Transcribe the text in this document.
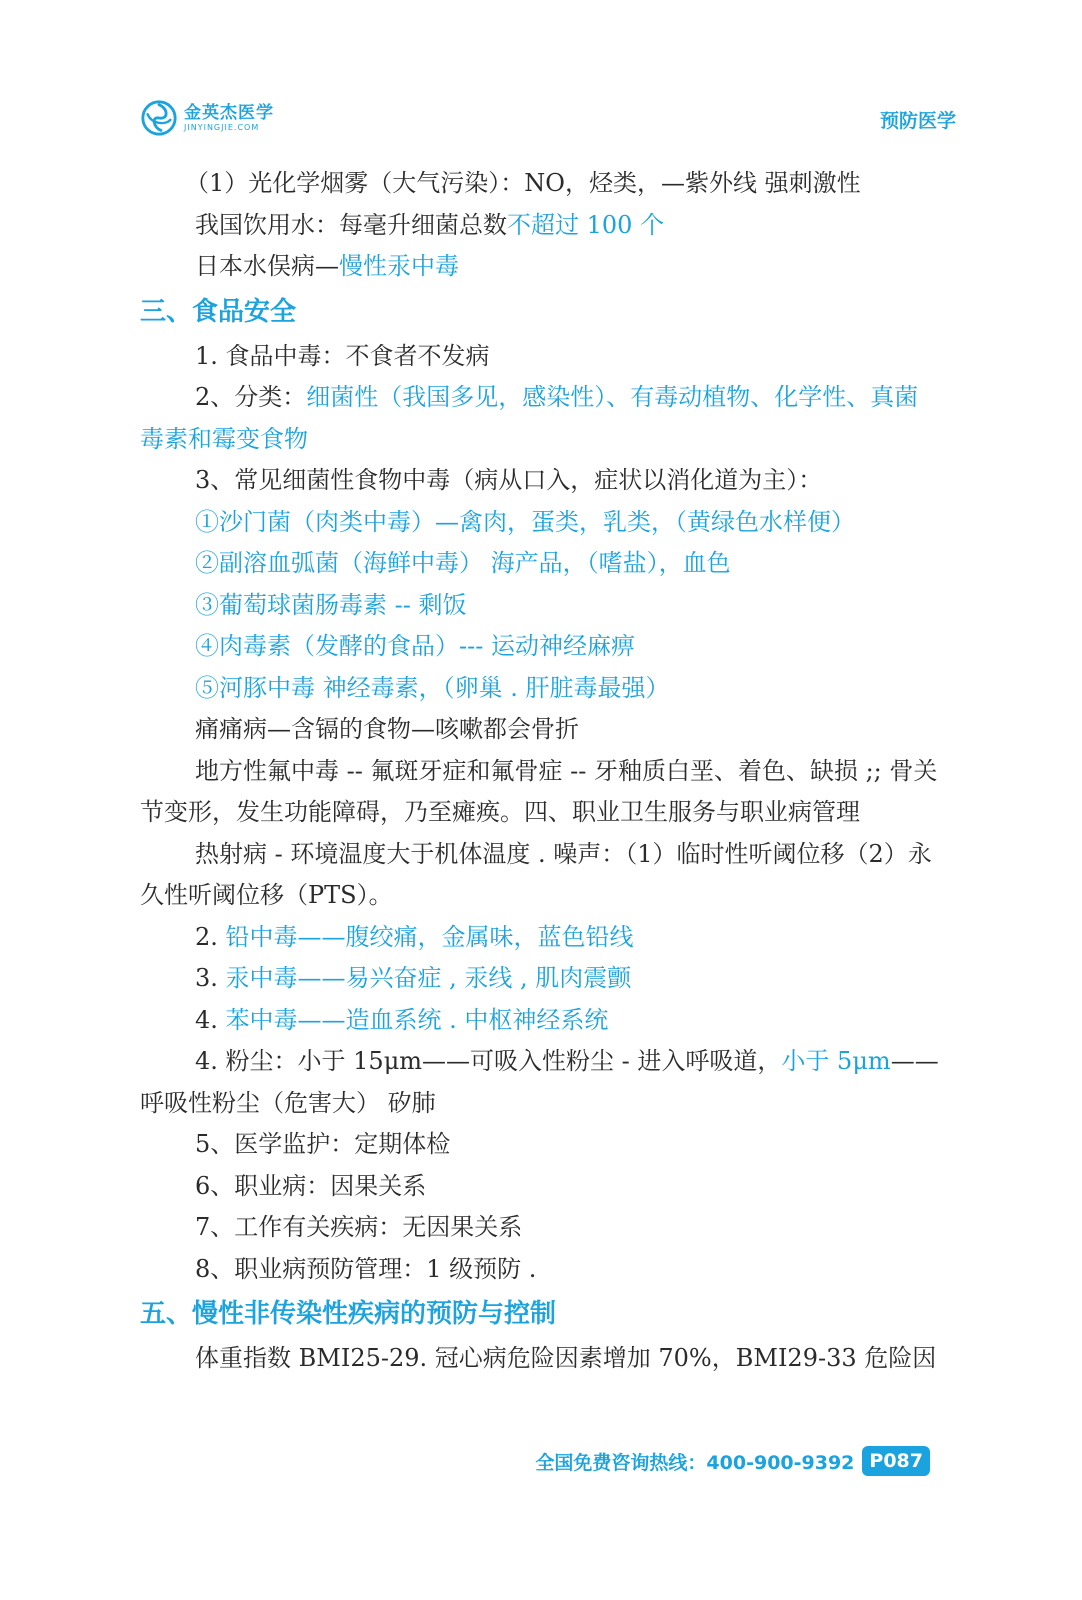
金英杰医学
JINYINGJIE.COM	预防医学

（1）光化学烟雾（大气污染）：NO，烃类，—紫外线 强刺激性

我国饮用水：每毫升细菌总数不超过 100 个

日本水俣病—慢性汞中毒

三、食品安全

1. 食品中毒：不食者不发病

2、分类：细菌性（我国多见，感染性）、有毒动植物、化学性、真菌毒素和霉变食物

3、常见细菌性食物中毒（病从口入，症状以消化道为主）：

①沙门菌（肉类中毒）—禽肉，蛋类，乳类，（黄绿色水样便）

②副溶血弧菌（海鲜中毒） 海产品，（嗜盐），血色

③葡萄球菌肠毒素 -- 剩饭

④肉毒素（发酵的食品）--- 运动神经麻痹

⑤河豚中毒 神经毒素，（卵巢 . 肝脏毒最强）

痛痛病—含镉的食物—咳嗽都会骨折

地方性氟中毒 -- 氟斑牙症和氟骨症 -- 牙釉质白垩、着色、缺损 ;; 骨关节变形，发生功能障碍，乃至瘫痪。四、职业卫生服务与职业病管理

热射病 - 环境温度大于机体温度 . 噪声：（1）临时性听阈位移（2）永久性听阈位移（PTS）。

2. 铅中毒——腹绞痛，金属味，蓝色铅线

3. 汞中毒——易兴奋症 , 汞线 , 肌肉震颤

4. 苯中毒——造血系统 . 中枢神经系统

4. 粉尘：小于 15μm——可吸入性粉尘 - 进入呼吸道，小于 5μm——呼吸性粉尘（危害大） 矽肺

5、医学监护：定期体检

6、职业病：因果关系

7、工作有关疾病：无因果关系

8、职业病预防管理：1 级预防 .

五、慢性非传染性疾病的预防与控制

体重指数 BMI25-29. 冠心病危险因素增加 70%，BMI29-33 危险因

全国免费咨询热线：400-900-9392 P087
